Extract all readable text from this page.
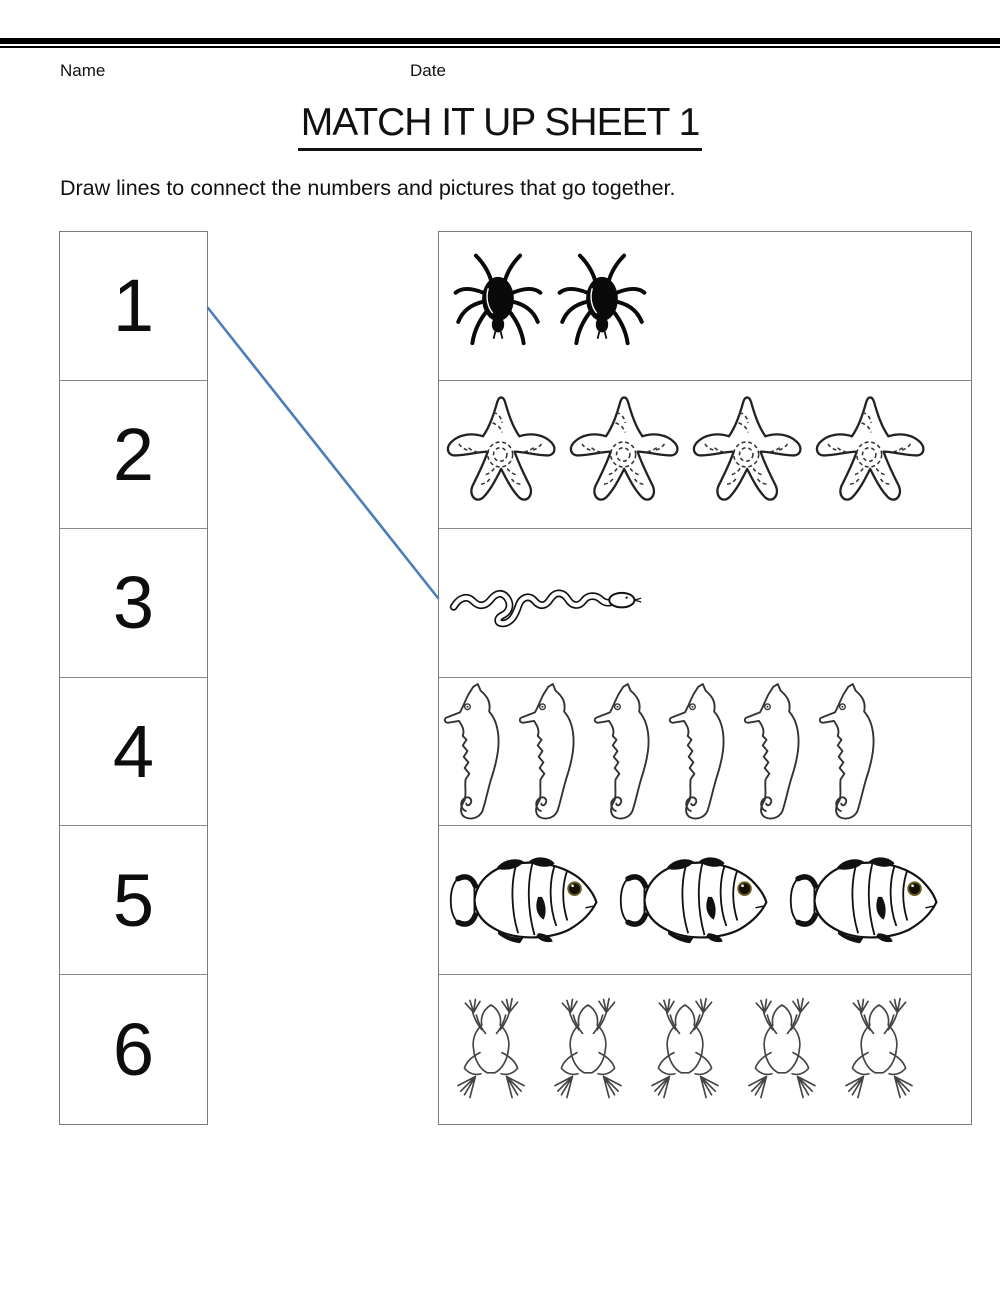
Name	Date
MATCH IT UP SHEET 1
Draw lines to connect the numbers and pictures that go together.
1
2
3
4
5
6
